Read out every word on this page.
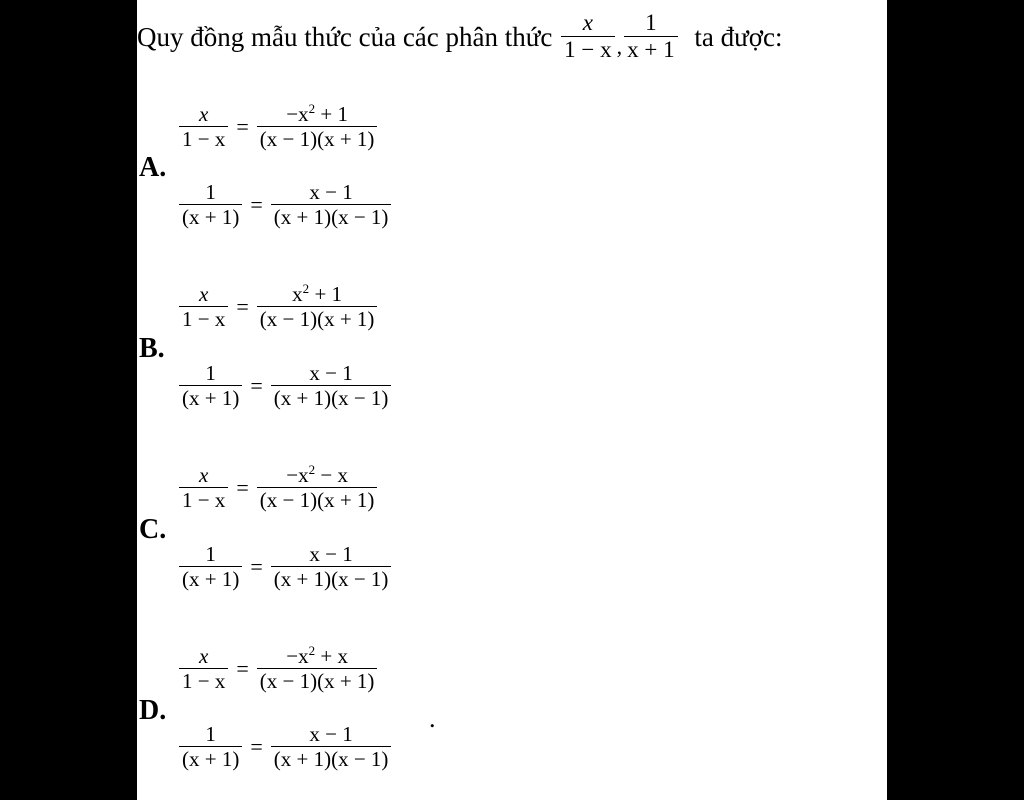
Quy đồng mẫu thức của các phân thức $\frac{x}{1 - x} _, \frac{1}{x + 1}$ ta được:
A.
$\frac{x}{1 - x} = \frac{-x^2 + 1}{(x - 1)(x + 1)}$
$\frac{1}{(x + 1)} = \frac{x - 1}{(x + 1)(x - 1)}$
B.
$\frac{x}{1 - x} = \frac{x^2 + 1}{(x - 1)(x + 1)}$
$\frac{1}{(x + 1)} = \frac{x - 1}{(x + 1)(x - 1)}$
C.
$\frac{x}{1 - x} = \frac{-x^2 - x}{(x - 1)(x + 1)}$
$\frac{1}{(x + 1)} = \frac{x - 1}{(x + 1)(x - 1)}$
D.
$\frac{x}{1 - x} = \frac{-x^2 + x}{(x - 1)(x + 1)}$
$\frac{1}{(x + 1)} = \frac{x - 1}{(x + 1)(x - 1)}$
.
